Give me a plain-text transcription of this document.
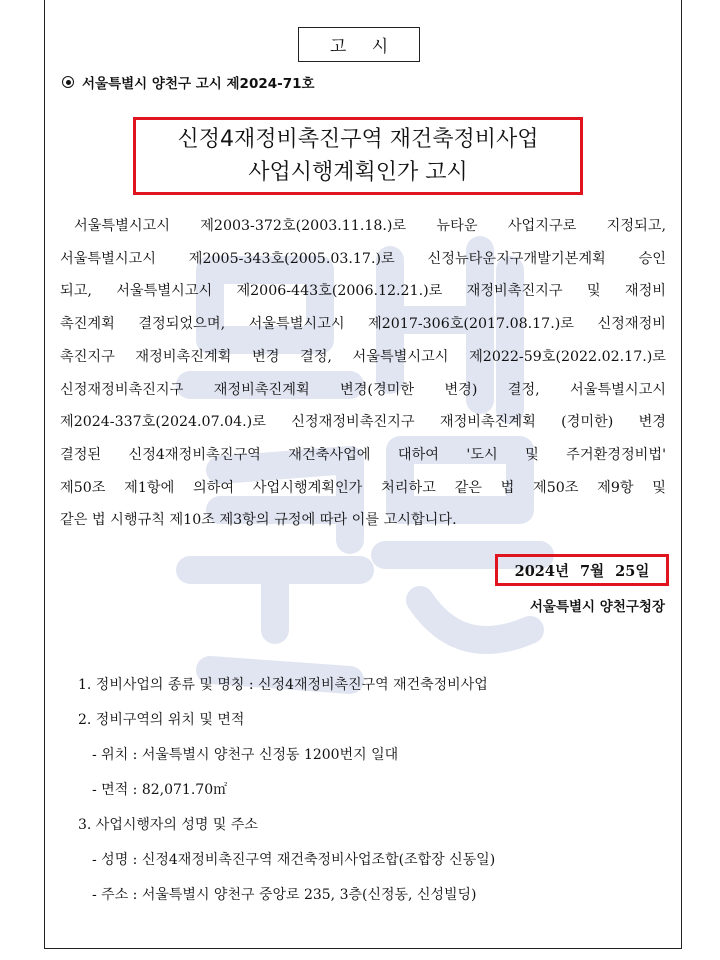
고 시
서울특별시 양천구 고시 제2024-71호
신정4재정비촉진구역 재건축정비사업
사업시행계획인가 고시
서울특별시고시 제2003-372호(2003.11.18.)로 뉴타운 사업지구로 지정되고,
서울특별시고시 제2005-343호(2005.03.17.)로 신정뉴타운지구개발기본계획 승인
되고, 서울특별시고시 제2006-443호(2006.12.21.)로 재정비촉진지구 및 재정비
촉진계획 결정되었으며, 서울특별시고시 제2017-306호(2017.08.17.)로 신정재정비
촉진지구 재정비촉진계획 변경 결정, 서울특별시고시 제2022-59호(2022.02.17.)로
신정재정비촉진지구 재정비촉진계획 변경(경미한 변경) 결정, 서울특별시고시
제2024-337호(2024.07.04.)로 신정재정비촉진지구 재정비촉진계획 (경미한) 변경
결정된 신정4재정비촉진구역 재건축사업에 대하여 '도시 및 주거환경정비법'
제50조 제1항에 의하여 사업시행계획인가 처리하고 같은 법 제50조 제9항 및
같은 법 시행규칙 제10조 제3항의 규정에 따라 이를 고시합니다.
2024년 7월 25일
서울특별시 양천구청장
1. 정비사업의 종류 및 명칭 : 신정4재정비촉진구역 재건축정비사업
2. 정비구역의 위치 및 면적
- 위치 : 서울특별시 양천구 신정동 1200번지 일대
- 면적 : 82,071.70㎡
3. 사업시행자의 성명 및 주소
- 성명 : 신정4재정비촉진구역 재건축정비사업조합(조합장 신동일)
- 주소 : 서울특별시 양천구 중앙로 235, 3층(신정동, 신성빌딩)
